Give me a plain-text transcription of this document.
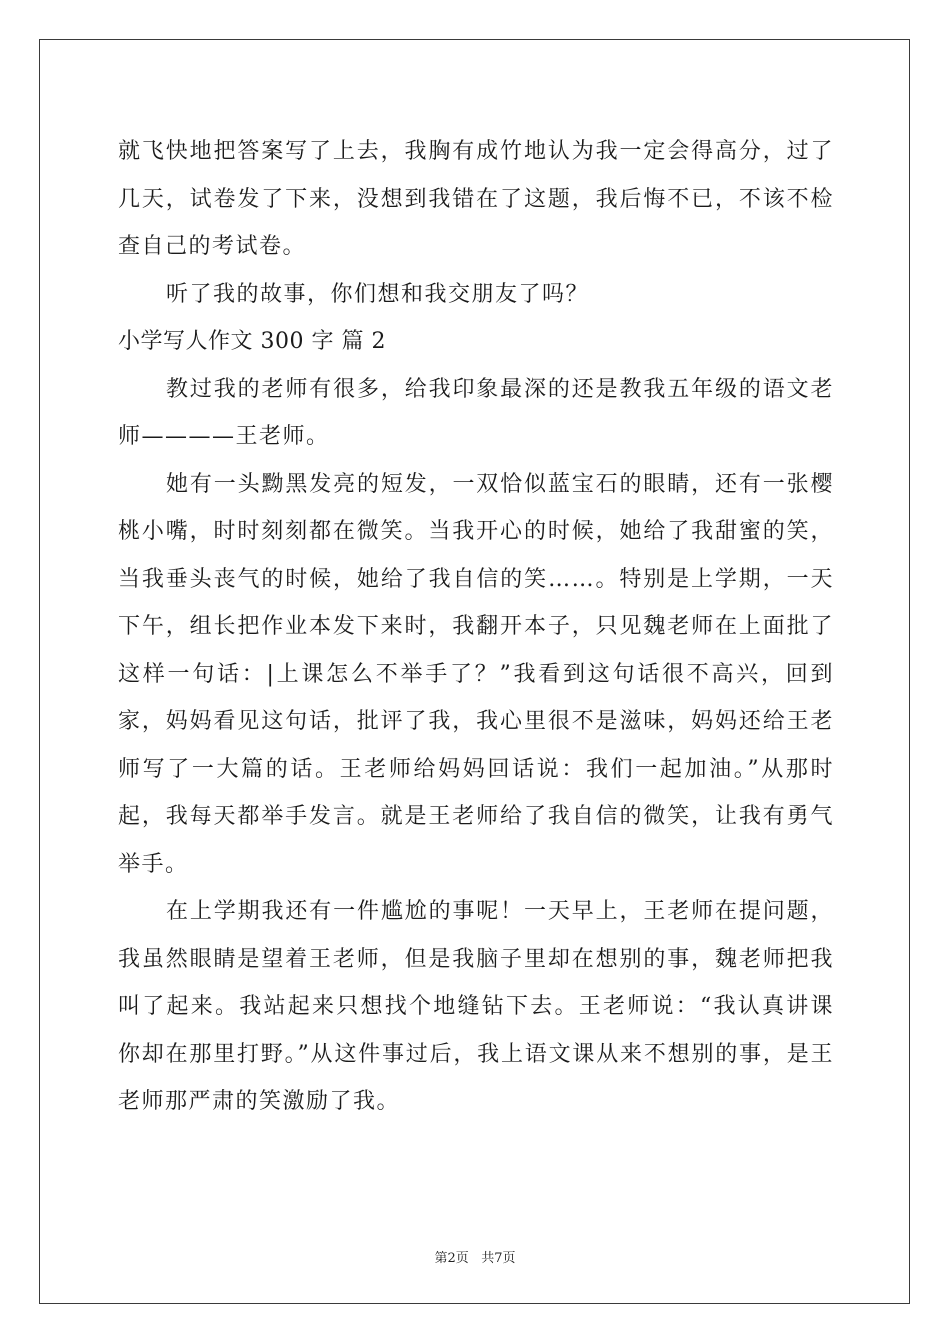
就飞快地把答案写了上去，我胸有成竹地认为我一定会得高分，过了几天，试卷发了下来，没想到我错在了这题，我后悔不已，不该不检查自己的考试卷。

听了我的故事，你们想和我交朋友了吗？

小学写人作文 300 字 篇 2

教过我的老师有很多，给我印象最深的还是教我五年级的语文老师————王老师。

她有一头黝黑发亮的短发，一双恰似蓝宝石的眼睛，还有一张樱桃小嘴，时时刻刻都在微笑。当我开心的时候，她给了我甜蜜的笑，当我垂头丧气的时候，她给了我自信的笑……。特别是上学期，一天下午，组长把作业本发下来时，我翻开本子，只见魏老师在上面批了这样一句话：|上课怎么不举手了？”我看到这句话很不高兴，回到家，妈妈看见这句话，批评了我，我心里很不是滋味，妈妈还给王老师写了一大篇的话。王老师给妈妈回话说：我们一起加油。”从那时起，我每天都举手发言。就是王老师给了我自信的微笑，让我有勇气举手。

在上学期我还有一件尴尬的事呢！一天早上，王老师在提问题，我虽然眼睛是望着王老师，但是我脑子里却在想别的事，魏老师把我叫了起来。我站起来只想找个地缝钻下去。王老师说：“我认真讲课你却在那里打野。”从这件事过后，我上语文课从来不想别的事，是王老师那严肃的笑激励了我。

第2页 共7页
